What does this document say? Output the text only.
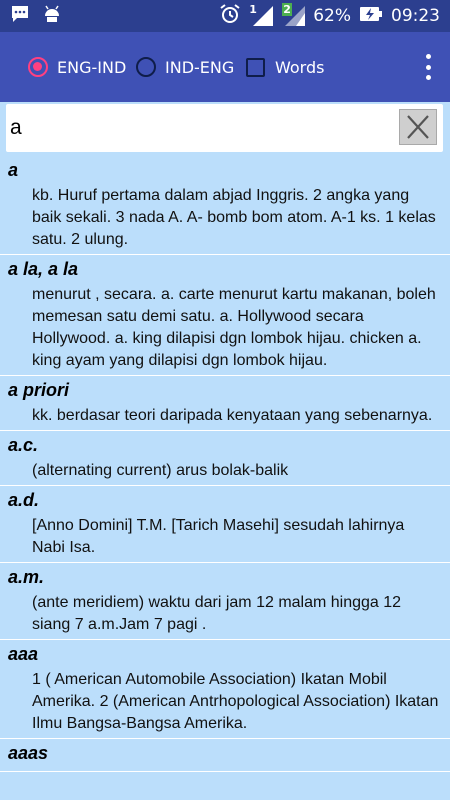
1 2 62% 09:23
ENG-IND IND-ENG	Words
a
a
kb. Huruf pertama dalam abjad Inggris. 2 angka yang baik sekali. 3 nada A. A- bomb bom atom. A-1 ks. 1 kelas satu. 2 ulung.
a la, a la
menurut , secara. a. carte menurut kartu makanan, boleh memesan satu demi satu. a. Hollywood secara Hollywood. a. king dilapisi dgn lombok hijau. chicken a. king ayam yang dilapisi dgn lombok hijau.
a priori
kk. berdasar teori daripada kenyataan yang sebenarnya.
a.c.
(alternating current) arus bolak-balik
a.d.
[Anno Domini] T.M. [Tarich Masehi] sesudah lahirnya Nabi Isa.
a.m.
(ante meridiem) waktu dari jam 12 malam hingga 12 siang 7 a.m.Jam 7 pagi .
aaa
1 ( American Automobile Association) Ikatan Mobil Amerika. 2 (American Antrhopological Association) Ikatan Ilmu Bangsa-Bangsa Amerika.
aaas
